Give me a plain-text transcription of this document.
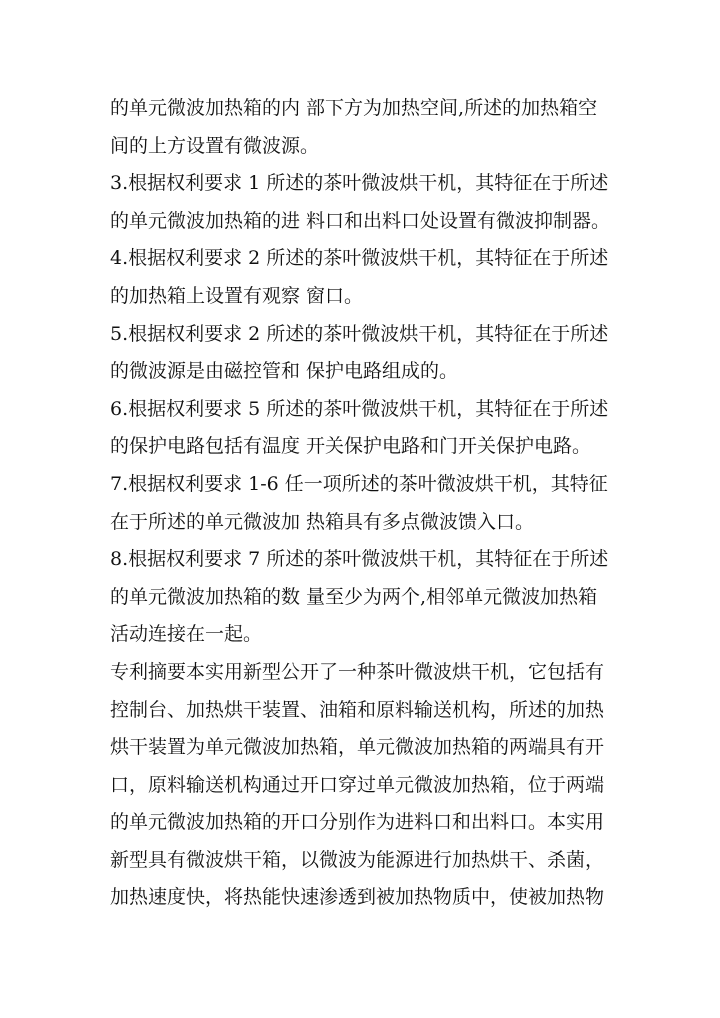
的单元微波加热箱的内 部下方为加热空间,所述的加热箱空
间的上方设置有微波源。
3.根据权利要求 1 所述的茶叶微波烘干机，其特征在于所述
的单元微波加热箱的进 料口和出料口处设置有微波抑制器。
4.根据权利要求 2 所述的茶叶微波烘干机，其特征在于所述
的加热箱上设置有观察 窗口。
5.根据权利要求 2 所述的茶叶微波烘干机，其特征在于所述
的微波源是由磁控管和 保护电路组成的。
6.根据权利要求 5 所述的茶叶微波烘干机，其特征在于所述
的保护电路包括有温度 开关保护电路和门开关保护电路。
7.根据权利要求 1-6 任一项所述的茶叶微波烘干机，其特征
在于所述的单元微波加 热箱具有多点微波馈入口。
8.根据权利要求 7 所述的茶叶微波烘干机，其特征在于所述
的单元微波加热箱的数 量至少为两个,相邻单元微波加热箱
活动连接在一起。
专利摘要本实用新型公开了一种茶叶微波烘干机，它包括有
控制台、加热烘干装置、油箱和原料输送机构，所述的加热
烘干装置为单元微波加热箱，单元微波加热箱的两端具有开
口，原料输送机构通过开口穿过单元微波加热箱，位于两端
的单元微波加热箱的开口分别作为进料口和出料口。本实用
新型具有微波烘干箱，以微波为能源进行加热烘干、杀菌，
加热速度快，将热能快速渗透到被加热物质中，使被加热物
